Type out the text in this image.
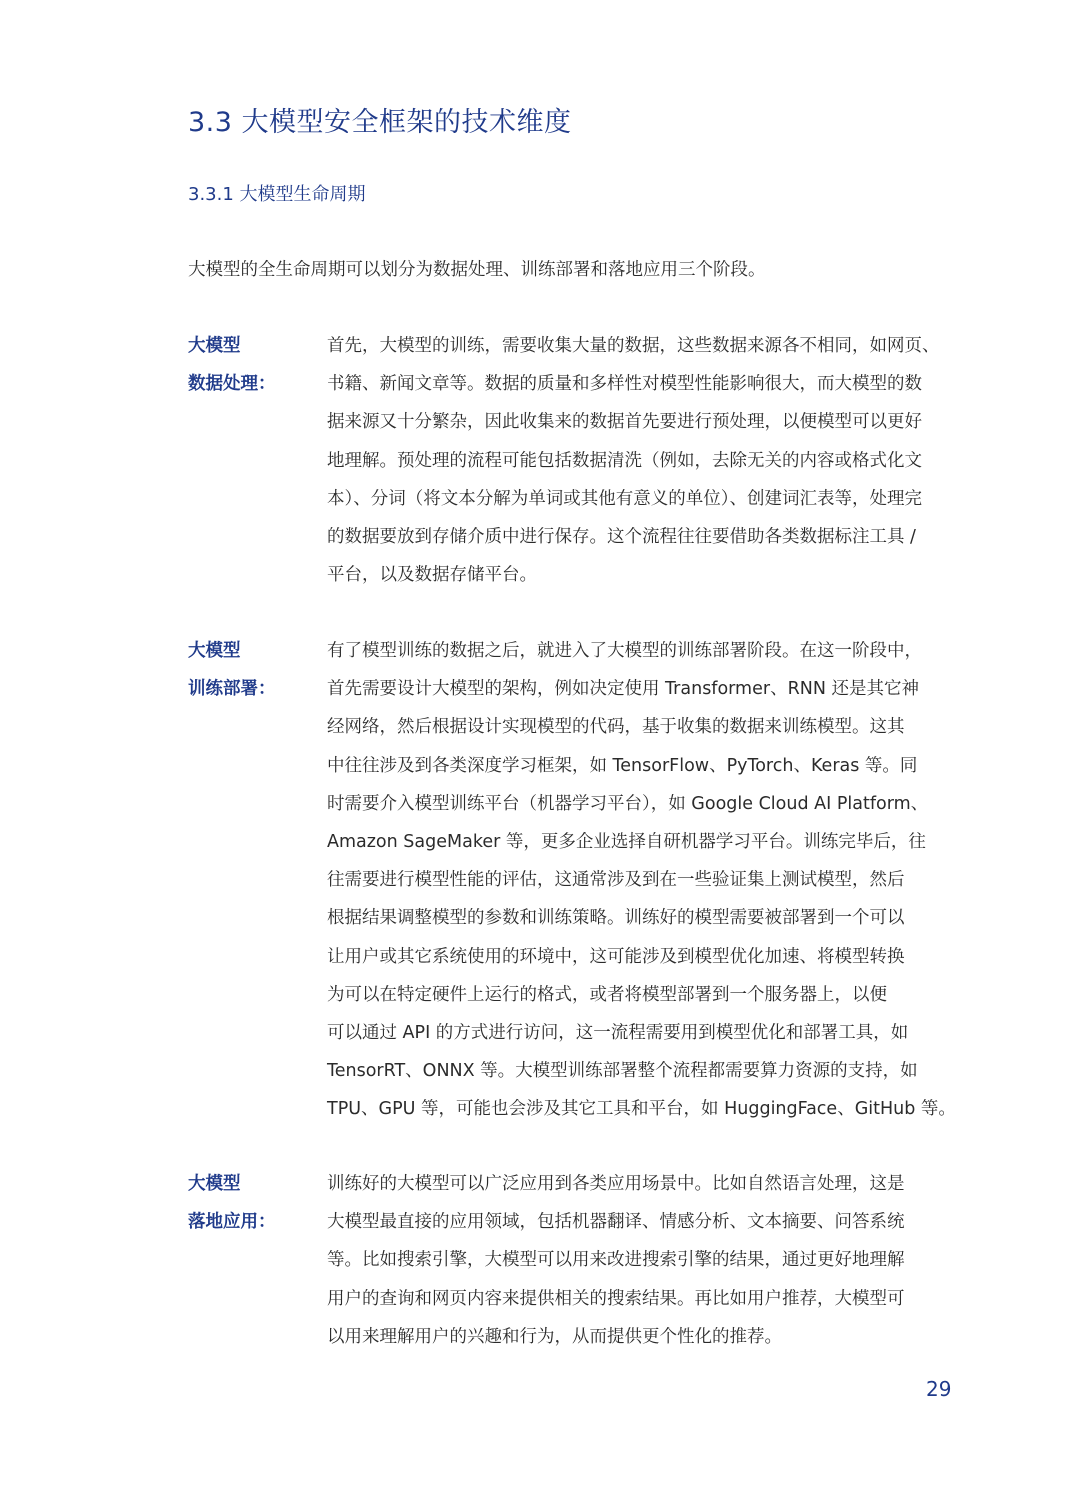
3.3 大模型安全框架的技术维度
3.3.1 大模型生命周期
大模型的全生命周期可以划分为数据处理、训练部署和落地应用三个阶段。
大模型
数据处理：
首先，大模型的训练，需要收集大量的数据，这些数据来源各不相同，如网页、
书籍、新闻文章等。数据的质量和多样性对模型性能影响很大，而大模型的数
据来源又十分繁杂，因此收集来的数据首先要进行预处理，以便模型可以更好
地理解。预处理的流程可能包括数据清洗（例如，去除无关的内容或格式化文
本）、分词（将文本分解为单词或其他有意义的单位）、创建词汇表等，处理完
的数据要放到存储介质中进行保存。这个流程往往要借助各类数据标注工具 /
平台，以及数据存储平台。
大模型
训练部署：
有了模型训练的数据之后，就进入了大模型的训练部署阶段。在这一阶段中，
首先需要设计大模型的架构，例如决定使用 Transformer、RNN 还是其它神
经网络，然后根据设计实现模型的代码，基于收集的数据来训练模型。这其
中往往涉及到各类深度学习框架，如 TensorFlow、PyTorch、Keras 等。同
时需要介入模型训练平台（机器学习平台），如 Google Cloud AI Platform、
Amazon SageMaker 等，更多企业选择自研机器学习平台。训练完毕后，往
往需要进行模型性能的评估，这通常涉及到在一些验证集上测试模型，然后
根据结果调整模型的参数和训练策略。训练好的模型需要被部署到一个可以
让用户或其它系统使用的环境中，这可能涉及到模型优化加速、将模型转换
为可以在特定硬件上运行的格式，或者将模型部署到一个服务器上，以便
可以通过 API 的方式进行访问，这一流程需要用到模型优化和部署工具，如
TensorRT、ONNX 等。大模型训练部署整个流程都需要算力资源的支持，如
TPU、GPU 等，可能也会涉及其它工具和平台，如 HuggingFace、GitHub 等。
大模型
落地应用：
训练好的大模型可以广泛应用到各类应用场景中。比如自然语言处理，这是
大模型最直接的应用领域，包括机器翻译、情感分析、文本摘要、问答系统
等。比如搜索引擎，大模型可以用来改进搜索引擎的结果，通过更好地理解
用户的查询和网页内容来提供相关的搜索结果。再比如用户推荐，大模型可
以用来理解用户的兴趣和行为，从而提供更个性化的推荐。
29
